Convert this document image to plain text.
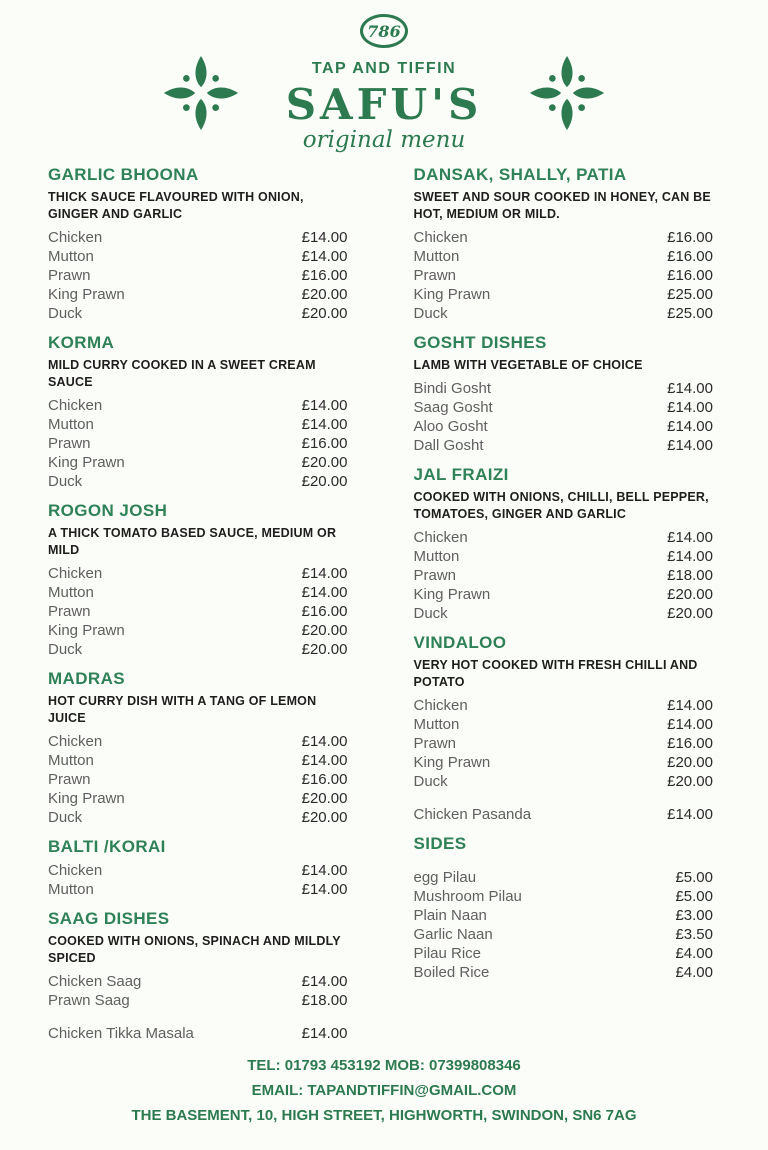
786
TAP AND TIFFIN
SAFU'S
original menu
GARLIC BHOONA
THICK SAUCE FLAVOURED WITH ONION, GINGER AND GARLIC
Chicken	£14.00
Mutton	£14.00
Prawn	£16.00
King Prawn	£20.00
Duck	£20.00
KORMA
MILD CURRY COOKED IN A SWEET CREAM SAUCE
Chicken	£14.00
Mutton	£14.00
Prawn	£16.00
King Prawn	£20.00
Duck	£20.00
ROGON JOSH
A THICK TOMATO BASED SAUCE, MEDIUM OR MILD
Chicken	£14.00
Mutton	£14.00
Prawn	£16.00
King Prawn	£20.00
Duck	£20.00
MADRAS
HOT CURRY DISH WITH A TANG OF LEMON JUICE
Chicken	£14.00
Mutton	£14.00
Prawn	£16.00
King Prawn	£20.00
Duck	£20.00
BALTI /KORAI
Chicken	£14.00
Mutton	£14.00
SAAG DISHES
COOKED WITH ONIONS, SPINACH AND MILDLY SPICED
Chicken Saag	£14.00
Prawn Saag	£18.00
Chicken Tikka Masala	£14.00
DANSAK, SHALLY, PATIA
SWEET AND SOUR COOKED IN HONEY, CAN BE HOT, MEDIUM OR MILD.
Chicken	£16.00
Mutton	£16.00
Prawn	£16.00
King Prawn	£25.00
Duck	£25.00
GOSHT DISHES
LAMB WITH VEGETABLE OF CHOICE
Bindi Gosht	£14.00
Saag Gosht	£14.00
Aloo Gosht	£14.00
Dall Gosht	£14.00
JAL FRAIZI
COOKED WITH ONIONS, CHILLI, BELL PEPPER, TOMATOES, GINGER AND GARLIC
Chicken	£14.00
Mutton	£14.00
Prawn	£18.00
King Prawn	£20.00
Duck	£20.00
VINDALOO
VERY HOT COOKED WITH FRESH CHILLI AND POTATO
Chicken	£14.00
Mutton	£14.00
Prawn	£16.00
King Prawn	£20.00
Duck	£20.00
Chicken Pasanda	£14.00
SIDES
egg Pilau	£5.00
Mushroom Pilau	£5.00
Plain Naan	£3.00
Garlic Naan	£3.50
Pilau Rice	£4.00
Boiled Rice	£4.00
TEL: 01793 453192 MOB: 07399808346
EMAIL: TAPANDTIFFIN@GMAIL.COM
THE BASEMENT, 10, HIGH STREET, HIGHWORTH, SWINDON, SN6 7AG
